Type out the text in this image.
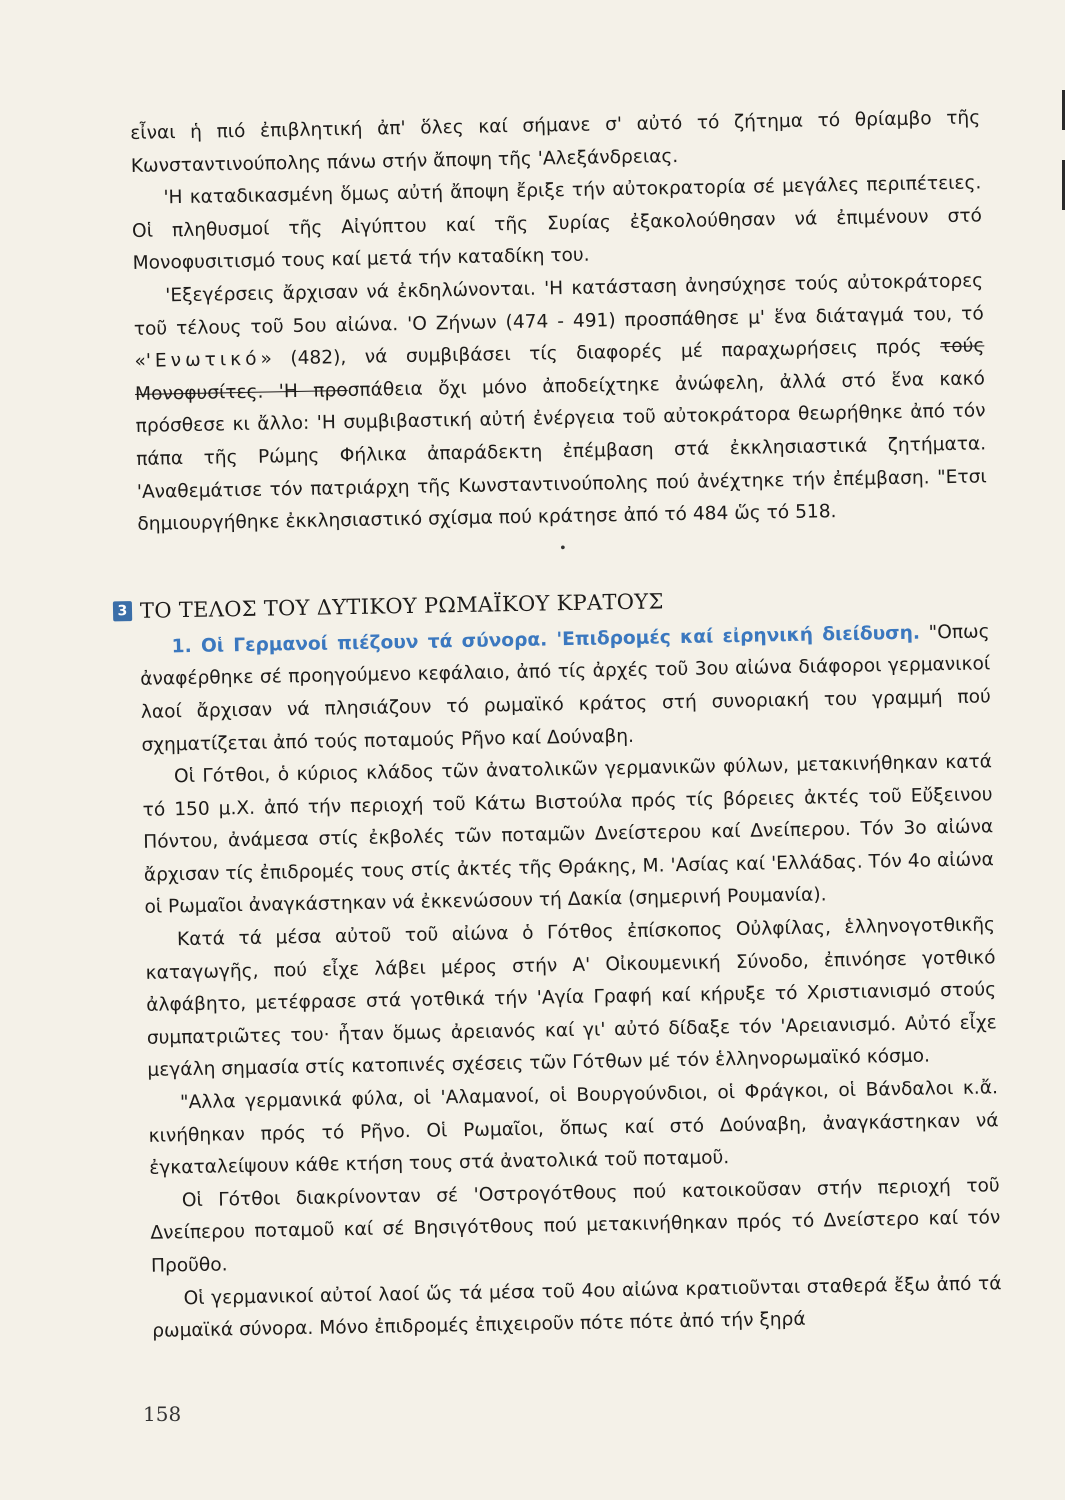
εἶναι ἡ πιό ἐπιβλητική ἀπ' ὅλες καί σήμανε σ' αὐτό τό ζήτημα τό θρίαμβο τῆς Κωνσταντινούπολης πάνω στήν ἄποψη τῆς 'Αλεξάνδρειας.

'Η καταδικασμένη ὅμως αὐτή ἄποψη ἔριξε τήν αὐτοκρατορία σέ μεγάλες περιπέτειες. Οἱ πληθυσμοί τῆς Αἰγύπτου καί τῆς Συρίας ἐξακολούθησαν νά ἐπιμένουν στό Μονοφυσιτισμό τους καί μετά τήν καταδίκη του.

'Εξεγέρσεις ἄρχισαν νά ἐκδηλώνονται. 'Η κατάσταση ἀνησύχησε τούς αὐτοκράτορες τοῦ τέλους τοῦ 5ου αἰώνα. 'Ο Ζήνων (474 - 491) προσπάθησε μ' ἕνα διάταγμά του, τό «'Ενωτικό» (482), νά συμβιβάσει τίς διαφορές μέ παραχωρήσεις πρός τούς Μονοφυσίτες. 'Η προσπάθεια ὄχι μόνο ἀποδείχτηκε ἀνώφελη, ἀλλά στό ἕνα κακό πρόσθεσε κι ἄλλο: 'Η συμβιβαστική αὐτή ἐνέργεια τοῦ αὐτοκράτορα θεωρήθηκε ἀπό τόν πάπα τῆς Ρώμης Φήλικα ἀπαράδεκτη ἐπέμβαση στά ἐκκλησιαστικά ζητήματα. 'Αναθεμάτισε τόν πατριάρχη τῆς Κωνσταντινούπολης πού ἀνέχτηκε τήν ἐπέμβαση. "Ετσι δημιουργήθηκε ἐκκλησιαστικό σχίσμα πού κράτησε ἀπό τό 484 ὥς τό 518.

•
3 ΤΟ ΤΕΛΟΣ ΤΟΥ ΔΥΤΙΚΟΥ ΡΩΜΑΪΚΟΥ ΚΡΑΤΟΥΣ

1. Οἱ Γερμανοί πιέζουν τά σύνορα. 'Επιδρομές καί εἰρηνική διείδυση. "Οπως ἀναφέρθηκε σέ προηγούμενο κεφάλαιο, ἀπό τίς ἀρχές τοῦ 3ου αἰώνα διάφοροι γερμανικοί λαοί ἄρχισαν νά πλησιάζουν τό ρωμαϊκό κράτος στή συνοριακή του γραμμή πού σχηματίζεται ἀπό τούς ποταμούς Ρῆνο καί Δούναβη.

Οἱ Γότθοι, ὁ κύριος κλάδος τῶν ἀνατολικῶν γερμανικῶν φύλων, μετακινήθηκαν κατά τό 150 μ.Χ. ἀπό τήν περιοχή τοῦ Κάτω Βιστούλα πρός τίς βόρειες ἀκτές τοῦ Εὔξεινου Πόντου, ἀνάμεσα στίς ἐκβολές τῶν ποταμῶν Δνείστερου καί Δνείπερου. Τόν 3ο αἰώνα ἄρχισαν τίς ἐπιδρομές τους στίς ἀκτές τῆς Θράκης, Μ. 'Ασίας καί 'Ελλάδας. Τόν 4ο αἰώνα οἱ Ρωμαῖοι ἀναγκάστηκαν νά ἐκκενώσουν τή Δακία (σημερινή Ρουμανία).

Κατά τά μέσα αὐτοῦ τοῦ αἰώνα ὁ Γότθος ἐπίσκοπος Οὐλφίλας, ἑλληνογοτθικῆς καταγωγῆς, πού εἶχε λάβει μέρος στήν Α' Οἰκουμενική Σύνοδο, ἐπινόησε γοτθικό ἀλφάβητο, μετέφρασε στά γοτθικά τήν 'Αγία Γραφή καί κήρυξε τό Χριστιανισμό στούς συμπατριῶτες του· ἦταν ὅμως ἀρειανός καί γι' αὐτό δίδαξε τόν 'Αρειανισμό. Αὐτό εἶχε μεγάλη σημασία στίς κατοπινές σχέσεις τῶν Γότθων μέ τόν ἑλληνορωμαϊκό κόσμο.

"Αλλα γερμανικά φύλα, οἱ 'Αλαμανοί, οἱ Βουργούνδιοι, οἱ Φράγκοι, οἱ Βάνδαλοι κ.ἄ. κινήθηκαν πρός τό Ρῆνο. Οἱ Ρωμαῖοι, ὅπως καί στό Δούναβη, ἀναγκάστηκαν νά ἐγκαταλείψουν κάθε κτήση τους στά ἀνατολικά τοῦ ποταμοῦ.

Οἱ Γότθοι διακρίνονταν σέ 'Οστρογότθους πού κατοικοῦσαν στήν περιοχή τοῦ Δνείπερου ποταμοῦ καί σέ Βησιγότθους πού μετακινήθηκαν πρός τό Δνείστερο καί τόν Προῦθο.

Οἱ γερμανικοί αὐτοί λαοί ὥς τά μέσα τοῦ 4ου αἰώνα κρατιοῦνται σταθερά ἔξω ἀπό τά ρωμαϊκά σύνορα. Μόνο ἐπιδρομές ἐπιχειροῦν πότε πότε ἀπό τήν ξηρά

158
